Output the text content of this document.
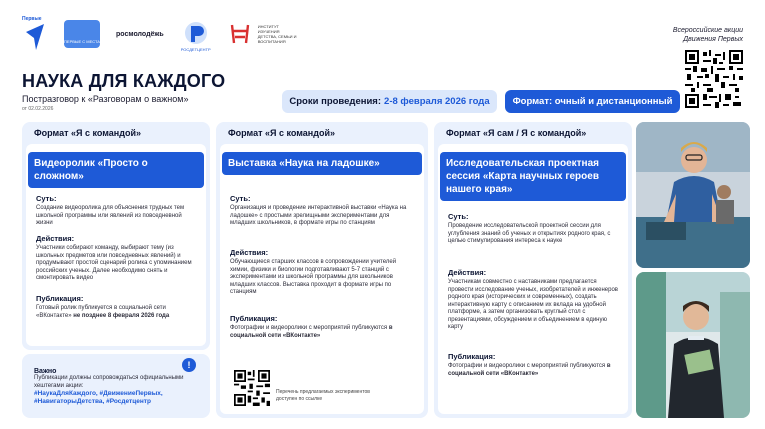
Первые
ПЕРВЫЕ С МЕСТА
росмолодёжь
РОСДЕТЦЕНТР
ИНСТИТУТ ИЗУЧЕНИЯ ДЕТСТВА, СЕМЬИ И ВОСПИТАНИЯ
Всероссийские акции
Движения Первых
НАУКА ДЛЯ КАЖДОГО
Постразговор к «Разговорам о важном»
от 02.02.2026
Сроки проведения: 2-8 февраля 2026 года	Формат: очный и дистанционный
Формат «Я с командой»
Видеоролик «Просто о сложном»
Суть:
Создание видеоролика для объяснения трудных тем школьной программы или явлений из повседневной жизни
Действия:
Участники собирают команду, выбирают тему (из школьных предметов или повседневных явлений) и продумывают простой сценарий ролика с упоминанием российских ученых. Далее необходимо снять и смонтировать видео
Публикация:
Готовый ролик публикуется в социальной сети «ВКонтакте» не позднее 8 февраля 2026 года
!
Важно
Публикации должны сопровождаться официальными хештегами акции:
#НаукаДляКаждого, #ДвижениеПервых, #НавигаторыДетства, #Росдетцентр
Формат «Я с командой»
Выставка «Наука на ладошке»
Суть:
Организация и проведение интерактивной выставки «Наука на ладошке» с простыми зрелищными экспериментами для младших школьников, в формате игры по станциям
Действия:
Обучающиеся старших классов в сопровождении учителей химии, физики и биологии подготавливают 5-7 станций с экспериментами из школьной программы для школьников младших классов. Выставка проходит в формате игры по станциям
Публикация:
Фотографии и видеоролики с мероприятий публикуются в социальной сети «ВКонтакте»
Перечень предлагаемых экспериментов доступен по ссылке
Формат «Я сам / Я с командой»
Исследовательская проектная сессия «Карта научных героев нашего края»
Суть:
Проведение исследовательской проектной сессии для углубления знаний об ученых и открытиях родного края, с целью стимулирования интереса к науке
Действия:
Участникам совместно с наставниками предлагается провести исследование ученых, изобретателей и инженеров родного края (исторических и современных), создать интерактивную карту с описанием их вклада на удобной платформе, а затем организовать круглый стол с презентациями, обсуждением и объединением в единую карту
Публикация:
Фотографии и видеоролики с мероприятий публикуются в социальной сети «ВКонтакте»
